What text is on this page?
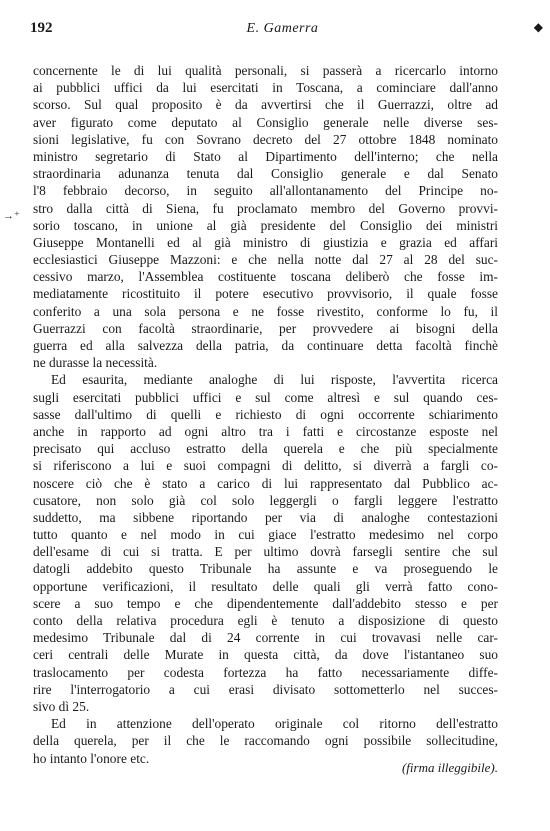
192	E. Gamerra	◆
→⁺
concernente le di lui qualità personali, si passerà a ricercarlo intorno
ai pubblici uffici da lui esercitati in Toscana, a cominciare dall'anno
scorso. Sul qual proposito è da avvertirsi che il Guerrazzi, oltre ad
aver figurato come deputato al Consiglio generale nelle diverse ses-
sioni legislative, fu con Sovrano decreto del 27 ottobre 1848 nominato
ministro segretario di Stato al Dipartimento dell'interno; che nella
straordinaria adunanza tenuta dal Consiglio generale e dal Senato
l'8 febbraio decorso, in seguito all'allontanamento del Principe no-
stro dalla città di Siena, fu proclamato membro del Governo provvi-
sorio toscano, in unione al già presidente del Consiglio dei ministri
Giuseppe Montanelli ed al già ministro di giustizia e grazia ed affari
ecclesiastici Giuseppe Mazzoni: e che nella notte dal 27 al 28 del suc-
cessivo marzo, l'Assemblea costituente toscana deliberò che fosse im-
mediatamente ricostituito il potere esecutivo provvisorio, il quale fosse
conferito a una sola persona e ne fosse rivestito, conforme lo fu, il
Guerrazzi con facoltà straordinarie, per provvedere ai bisogni della
guerra ed alla salvezza della patria, da continuare detta facoltà finchè
ne durasse la necessità.
Ed esaurita, mediante analoghe di lui risposte, l'avvertita ricerca
sugli esercitati pubblici uffici e sul come altresì e sul quando ces-
sasse dall'ultimo di quelli e richiesto di ogni occorrente schiarimento
anche in rapporto ad ogni altro tra i fatti e circostanze esposte nel
precisato qui accluso estratto della querela e che più specialmente
si riferiscono a lui e suoi compagni di delitto, si diverrà a fargli co-
noscere ciò che è stato a carico di lui rappresentato dal Pubblico ac-
cusatore, non solo già col solo leggergli o fargli leggere l'estratto
suddetto, ma sibbene riportando per via di analoghe contestazioni
tutto quanto e nel modo in cui giace l'estratto medesimo nel corpo
dell'esame di cui si tratta. E per ultimo dovrà farsegli sentire che sul
datogli addebito questo Tribunale ha assunte e va proseguendo le
opportune verificazioni, il resultato delle quali gli verrà fatto cono-
scere a suo tempo e che dipendentemente dall'addebito stesso e per
conto della relativa procedura egli è tenuto a disposizione di questo
medesimo Tribunale dal di 24 corrente in cui trovavasi nelle car-
ceri centrali delle Murate in questa città, da dove l'istantaneo suo
traslocamento per codesta fortezza ha fatto necessariamente diffe-
rire l'interrogatorio a cui erasi divisato sottometterlo nel succes-
sivo dì 25.
Ed in attenzione dell'operato originale col ritorno dell'estratto
della querela, per il che le raccomando ogni possibile sollecitudine,
ho intanto l'onore etc.
(firma illeggibile).
